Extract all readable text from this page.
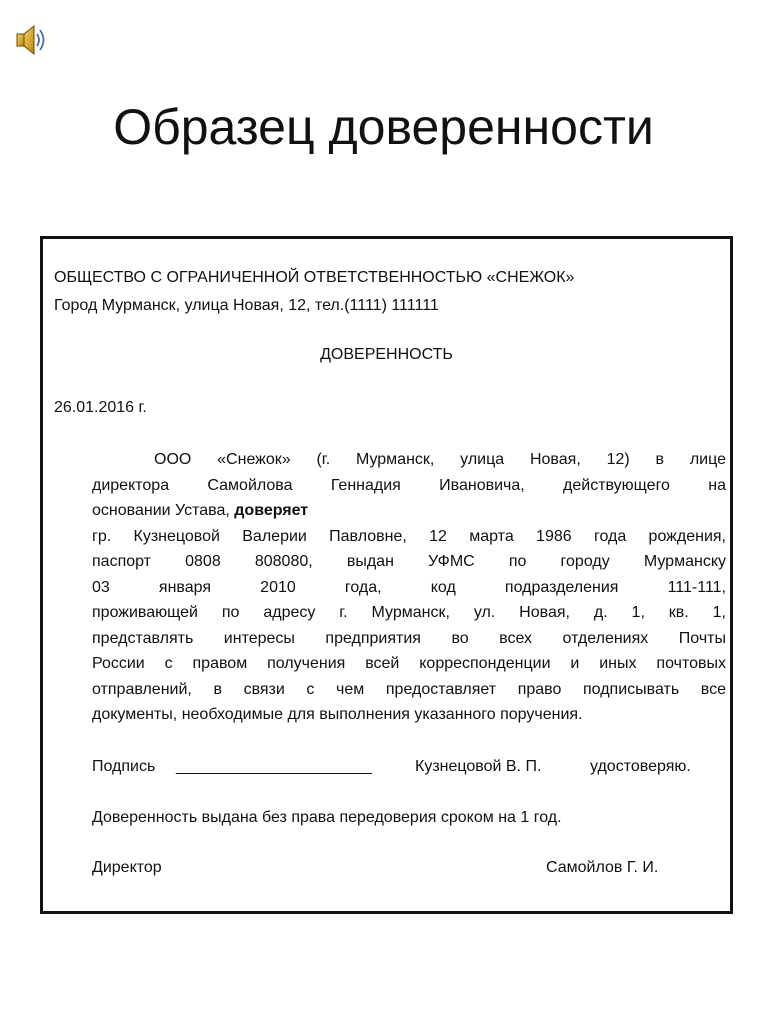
Образец доверенности
ОБЩЕСТВО С ОГРАНИЧЕННОЙ ОТВЕТСТВЕННОСТЬЮ «СНЕЖОК»
Город Мурманск, улица Новая, 12, тел.(1111) 111111
ДОВЕРЕННОСТЬ
26.01.2016 г.
ООО «Снежок» (г. Мурманск, улица Новая, 12) в лице
директора Самойлова Геннадия Ивановича, действующего на
основании Устава, доверяет
гр. Кузнецовой Валерии Павловне, 12 марта 1986 года рождения,
паспорт 0808 808080, выдан УФМС по городу Мурманску
03 января 2010 года, код подразделения 111-111,
проживающей по адресу г. Мурманск, ул. Новая, д. 1, кв. 1,
представлять интересы предприятия во всех отделениях Почты
России с правом получения всей корреспонденции и иных почтовых
отправлений, в связи с чем предоставляет право подписывать все
документы, необходимые для выполнения указанного поручения.
Подпись ______________________	Кузнецовой В. П.	удостоверяю.
Доверенность выдана без права передоверия сроком на 1 год.
Директор	Самойлов Г. И.
